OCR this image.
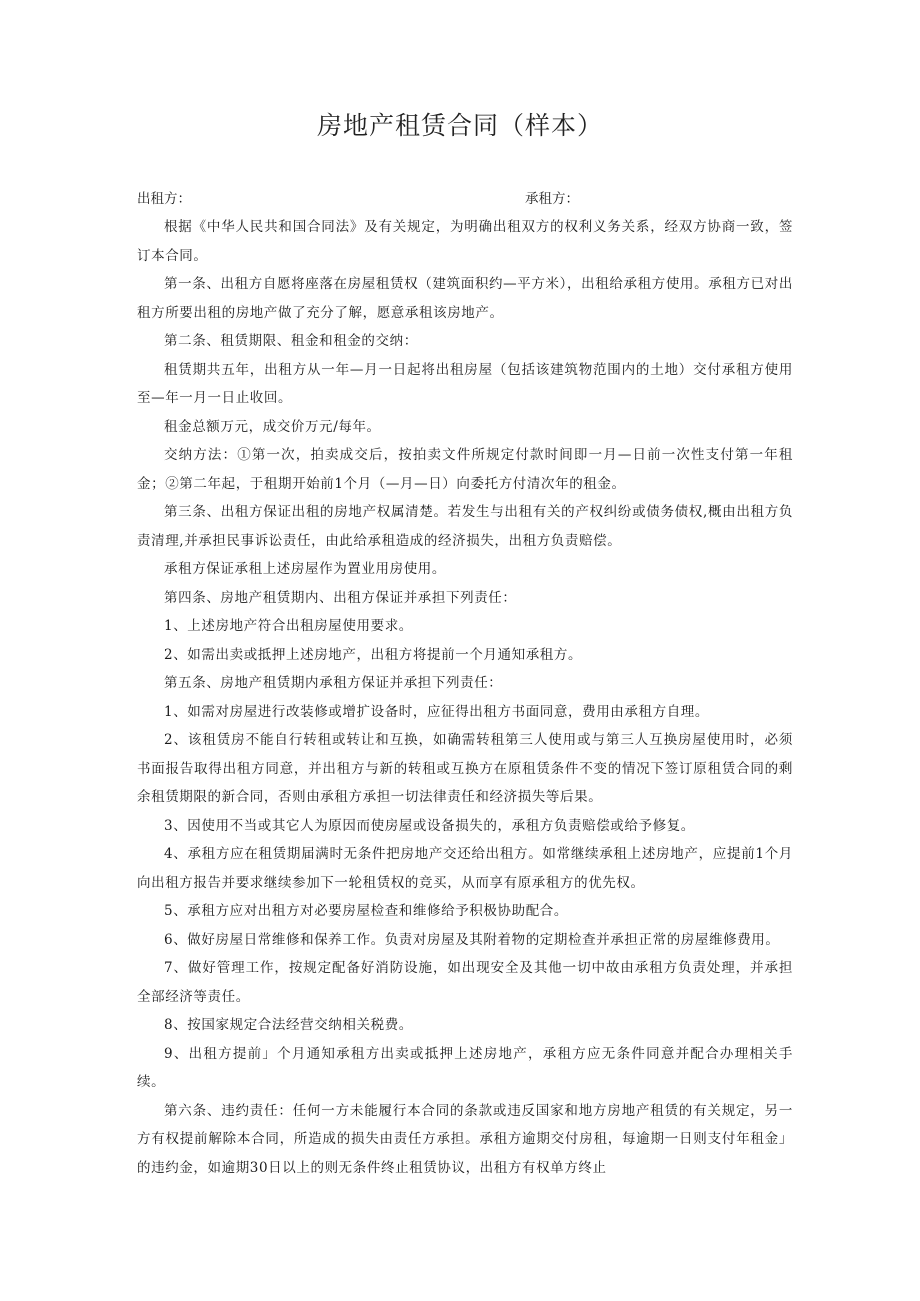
房地产租赁合同（样本）
出租方：	承租方：

根据《中华人民共和国合同法》及有关规定，为明确出租双方的权利义务关系，经双方协商一致，签订本合同。

第一条、出租方自愿将座落在房屋租赁权（建筑面积约—平方米），出租给承租方使用。承租方已对出租方所要出租的房地产做了充分了解，愿意承租该房地产。

第二条、租赁期限、租金和租金的交纳：

租赁期共五年，出租方从一年—月一日起将出租房屋（包括该建筑物范围内的土地）交付承租方使用至—年一月一日止收回。

租金总额万元，成交价万元/每年。

交纳方法：①第一次，拍卖成交后，按拍卖文件所规定付款时间即一月—日前一次性支付第一年租金；②第二年起，于租期开始前1个月（—月—日）向委托方付清次年的租金。

第三条、出租方保证出租的房地产权属清楚。若发生与出租有关的产权纠纷或债务债权,概由出租方负责清理,并承担民事诉讼责任，由此给承租造成的经济损失，出租方负责赔偿。

承租方保证承租上述房屋作为置业用房使用。

第四条、房地产租赁期内、出租方保证并承担下列责任：

1、上述房地产符合出租房屋使用要求。

2、如需出卖或抵押上述房地产，出租方将提前一个月通知承租方。

第五条、房地产租赁期内承租方保证并承担下列责任：

1、如需对房屋进行改装修或增扩设备时，应征得出租方书面同意，费用由承租方自理。

2、该租赁房不能自行转租或转让和互换，如确需转租第三人使用或与第三人互换房屋使用时，必须书面报告取得出租方同意，并出租方与新的转租或互换方在原租赁条件不变的情况下签订原租赁合同的剩余租赁期限的新合同，否则由承租方承担一切法律责任和经济损失等后果。

3、因使用不当或其它人为原因而使房屋或设备损失的，承租方负责赔偿或给予修复。

4、承租方应在租赁期届满时无条件把房地产交还给出租方。如常继续承租上述房地产，应提前1个月向出租方报告并要求继续参加下一轮租赁权的竞买，从而享有原承租方的优先权。

5、承租方应对出租方对必要房屋检查和维修给予积极协助配合。

6、做好房屋日常维修和保养工作。负责对房屋及其附着物的定期检查并承担正常的房屋维修费用。

7、做好管理工作，按规定配备好消防设施，如出现安全及其他一切中故由承租方负责处理，并承担全部经济等责任。

8、按国家规定合法经营交纳相关税费。

9、出租方提前」个月通知承租方出卖或抵押上述房地产，承租方应无条件同意并配合办理相关手续。

第六条、违约责任：任何一方未能履行本合同的条款或违反国家和地方房地产租赁的有关规定，另一方有权提前解除本合同，所造成的损失由责任方承担。承租方逾期交付房租，每逾期一日则支付年租金」的违约金，如逾期30日以上的则无条件终止租赁协议，出租方有权单方终止
